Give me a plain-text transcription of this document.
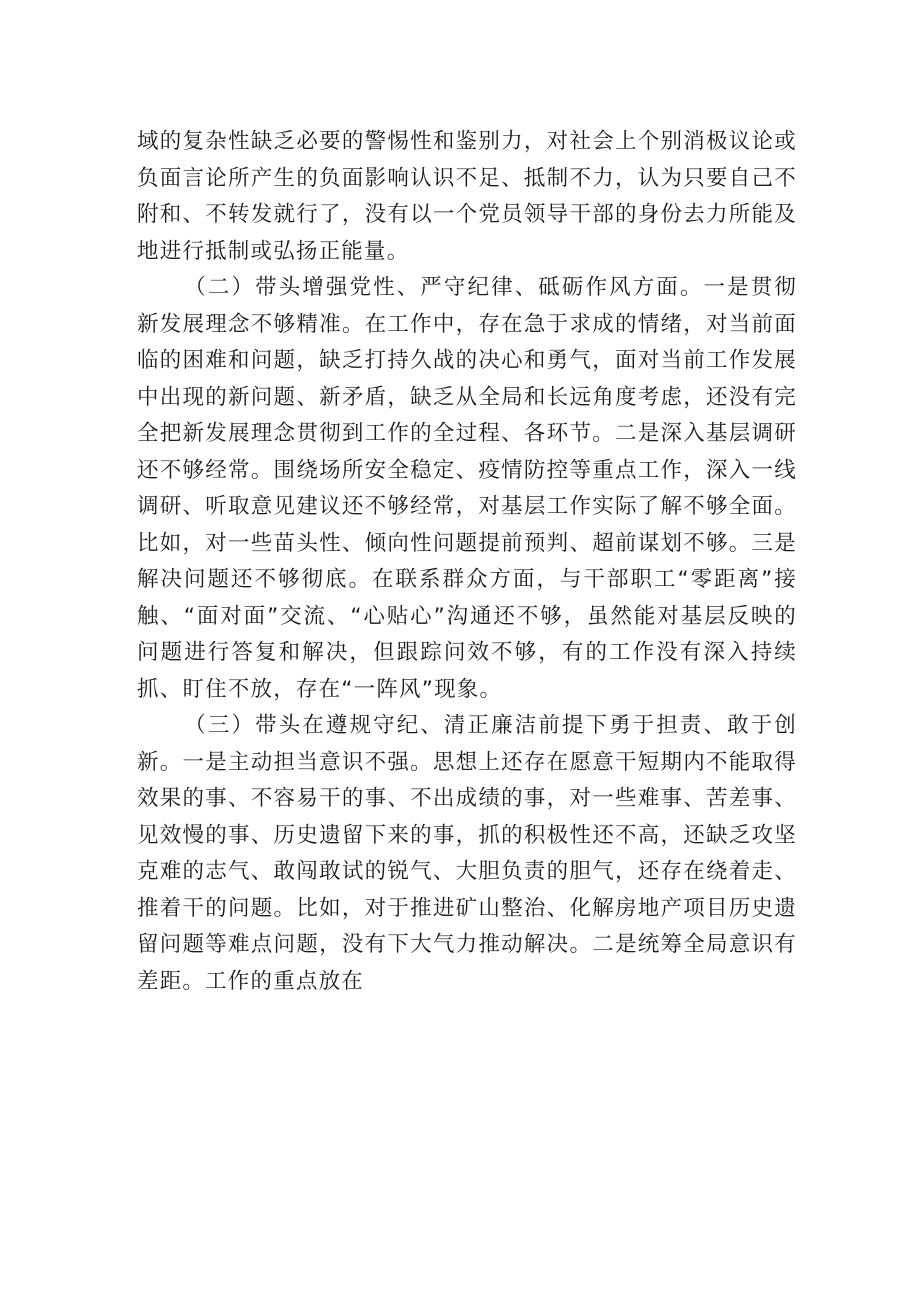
域的复杂性缺乏必要的警惕性和鉴别力，对社会上个别消极议论或负面言论所产生的负面影响认识不足、抵制不力，认为只要自己不附和、不转发就行了，没有以一个党员领导干部的身份去力所能及地进行抵制或弘扬正能量。

（二）带头增强党性、严守纪律、砥砺作风方面。一是贯彻新发展理念不够精准。在工作中，存在急于求成的情绪，对当前面临的困难和问题，缺乏打持久战的决心和勇气，面对当前工作发展中出现的新问题、新矛盾，缺乏从全局和长远角度考虑，还没有完全把新发展理念贯彻到工作的全过程、各环节。二是深入基层调研还不够经常。围绕场所安全稳定、疫情防控等重点工作，深入一线调研、听取意见建议还不够经常，对基层工作实际了解不够全面。比如，对一些苗头性、倾向性问题提前预判、超前谋划不够。三是解决问题还不够彻底。在联系群众方面，与干部职工“零距离”接触、“面对面”交流、“心贴心”沟通还不够，虽然能对基层反映的问题进行答复和解决，但跟踪问效不够，有的工作没有深入持续抓、盯住不放，存在“一阵风”现象。

（三）带头在遵规守纪、清正廉洁前提下勇于担责、敢于创新。一是主动担当意识不强。思想上还存在愿意干短期内不能取得效果的事、不容易干的事、不出成绩的事，对一些难事、苦差事、见效慢的事、历史遗留下来的事，抓的积极性还不高，还缺乏攻坚克难的志气、敢闯敢试的锐气、大胆负责的胆气，还存在绕着走、推着干的问题。比如，对于推进矿山整治、化解房地产项目历史遗留问题等难点问题，没有下大气力推动解决。二是统筹全局意识有差距。工作的重点放在
